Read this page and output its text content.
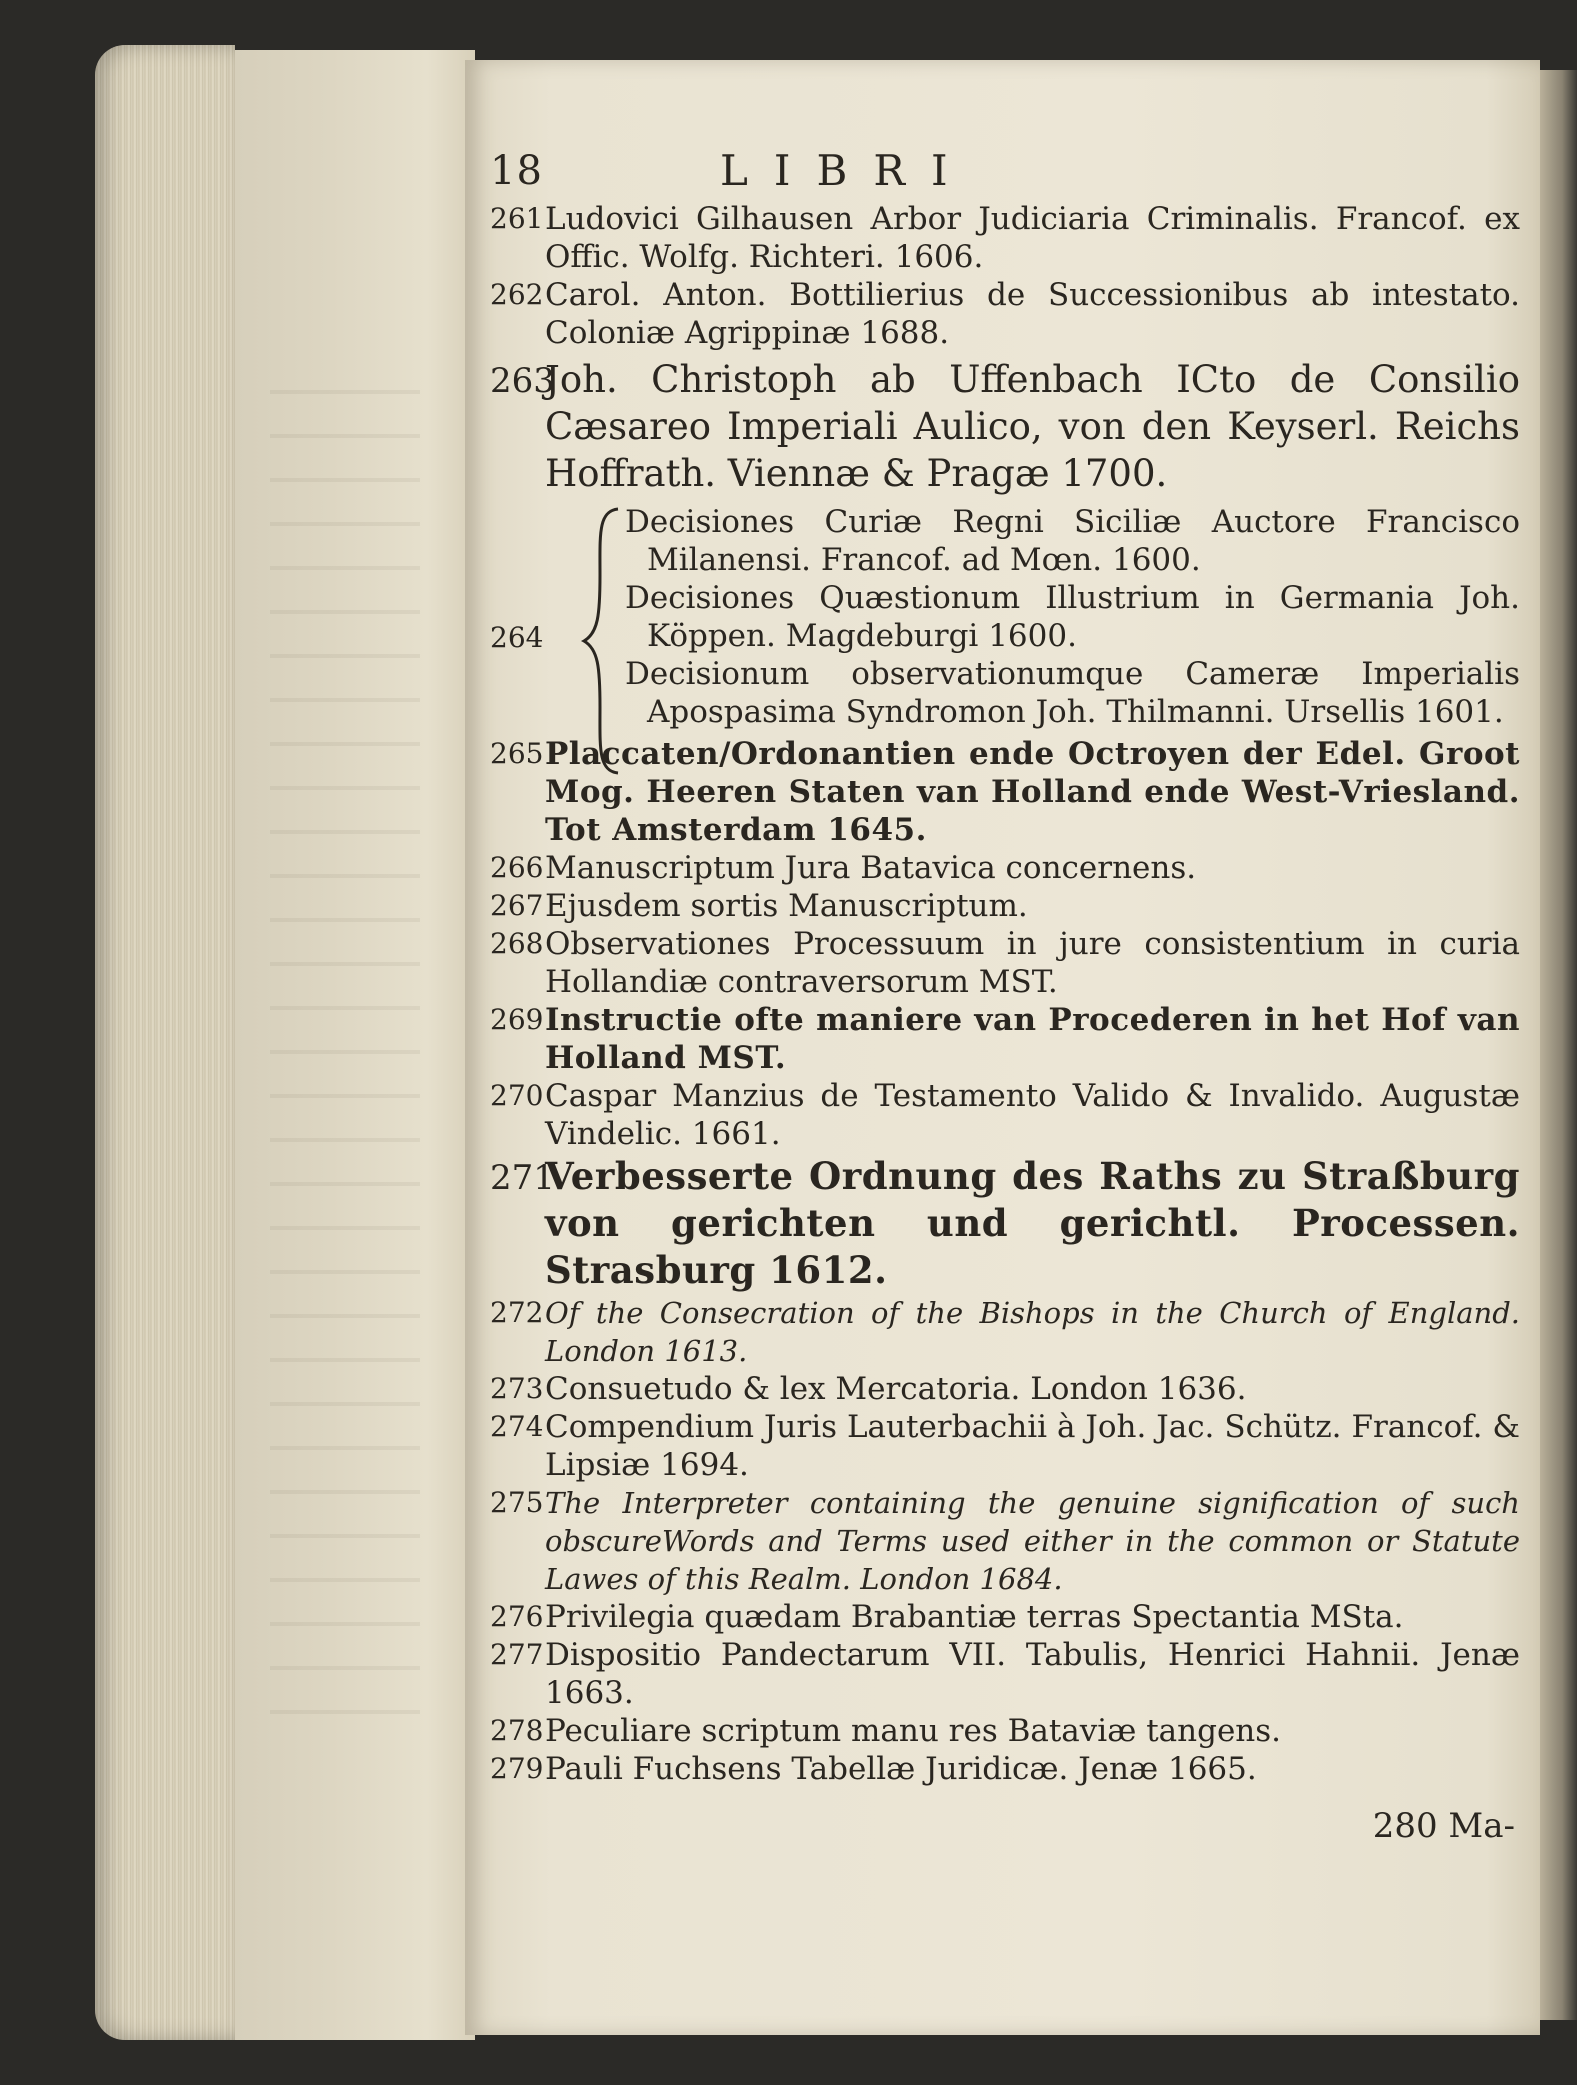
18	LIBRI

261 Ludovici Gilhausen Arbor Judiciaria Criminalis. Francof. ex Offic. Wolfg. Richteri. 1606.

262 Carol. Anton. Bottilierius de Successionibus ab intestato. Coloniæ Agrippinæ 1688.

263
Joh. Christoph ab Uffenbach ICto de Consilio Cæsareo Imperiali Aulico, von den Keyserl. Reichs Hoffrath. Viennæ & Pragæ 1700.

264

Decisiones Curiæ Regni Siciliæ Auctore Francisco Milanensi. Francof. ad Mœn. 1600.

Decisiones Quæstionum Illustrium in Germania Joh. Köppen. Magdeburgi 1600.

Decisionum observationumque Cameræ Imperialis Apospasima Syndromon Joh. Thilmanni. Ursellis 1601.

265 Placcaten/Ordonantien ende Octroyen der Edel. Groot Mog. Heeren Staten van Holland ende West-Vriesland. Tot Amsterdam 1645.

266 Manuscriptum Jura Batavica concernens.

267 Ejusdem sortis Manuscriptum.

268 Observationes Processuum in jure consistentium in curia Hollandiæ contraversorum MST.

269 Instructie ofte maniere van Procederen in het Hof van Holland MST.

270 Caspar Manzius de Testamento Valido & Invalido. Augustæ Vindelic. 1661.

271
Verbesserte Ordnung des Raths zu Straßburg von gerichten und gerichtl. Processen. Strasburg 1612.

272 Of the Consecration of the Bishops in the Church of England. London 1613.

273 Consuetudo & lex Mercatoria. London 1636.

274 Compendium Juris Lauterbachii à Joh. Jac. Schütz. Francof. & Lipsiæ 1694.

275 The Interpreter containing the genuine signification of such obscureWords and Terms used either in the common or Statute Lawes of this Realm. London 1684.

276 Privilegia quædam Brabantiæ terras Spectantia MSta.

277 Dispositio Pandectarum VII. Tabulis, Henrici Hahnii. Jenæ 1663.

278 Peculiare scriptum manu res Bataviæ tangens.

279 Pauli Fuchsens Tabellæ Juridicæ. Jenæ 1665.

280 Ma-
